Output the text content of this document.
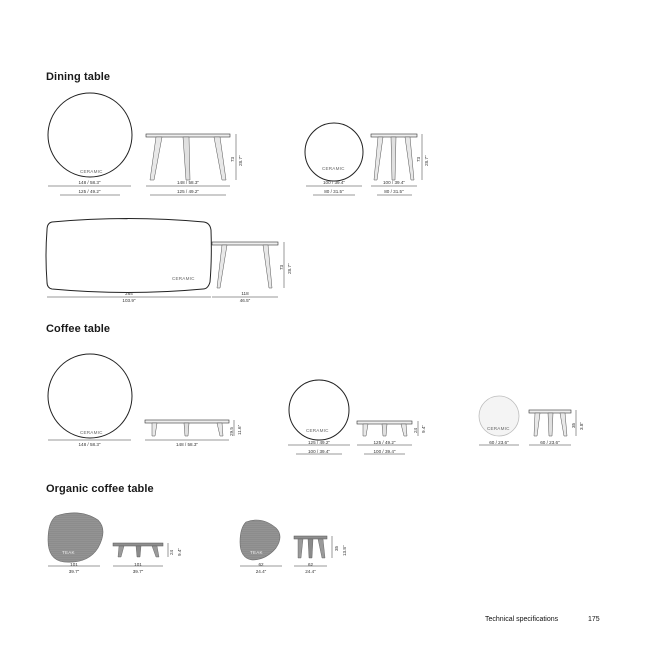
Dining table
Coffee table
Organic coffee table
CERAMIC
148 / 58.3"
125 / 49.2"
148 / 58.3"
125 / 49.2"
73 28.7"
CERAMIC
100 / 39.4"
80 / 31.5"
100 / 39.4"
80 / 31.5"
73 28.7"
CERAMIC
264
103.9"
118
46.5"
73 28.7"
CERAMIC
148 / 58.3"	148 / 58.3"
29.5 11.6"	CERAMIC
125 / 49.2"
100 / 39.4"
125 / 49.2"
100 / 39.4"
24 9.4"	CERAMIC
60 / 23.6"	60 / 23.6"
35 3.8"
TEAK
101
39.7"
101
39.7"
24 9.4"	TEAK
62
24.4"
62
24.4"
35 13.8"
Technical specifications	175
